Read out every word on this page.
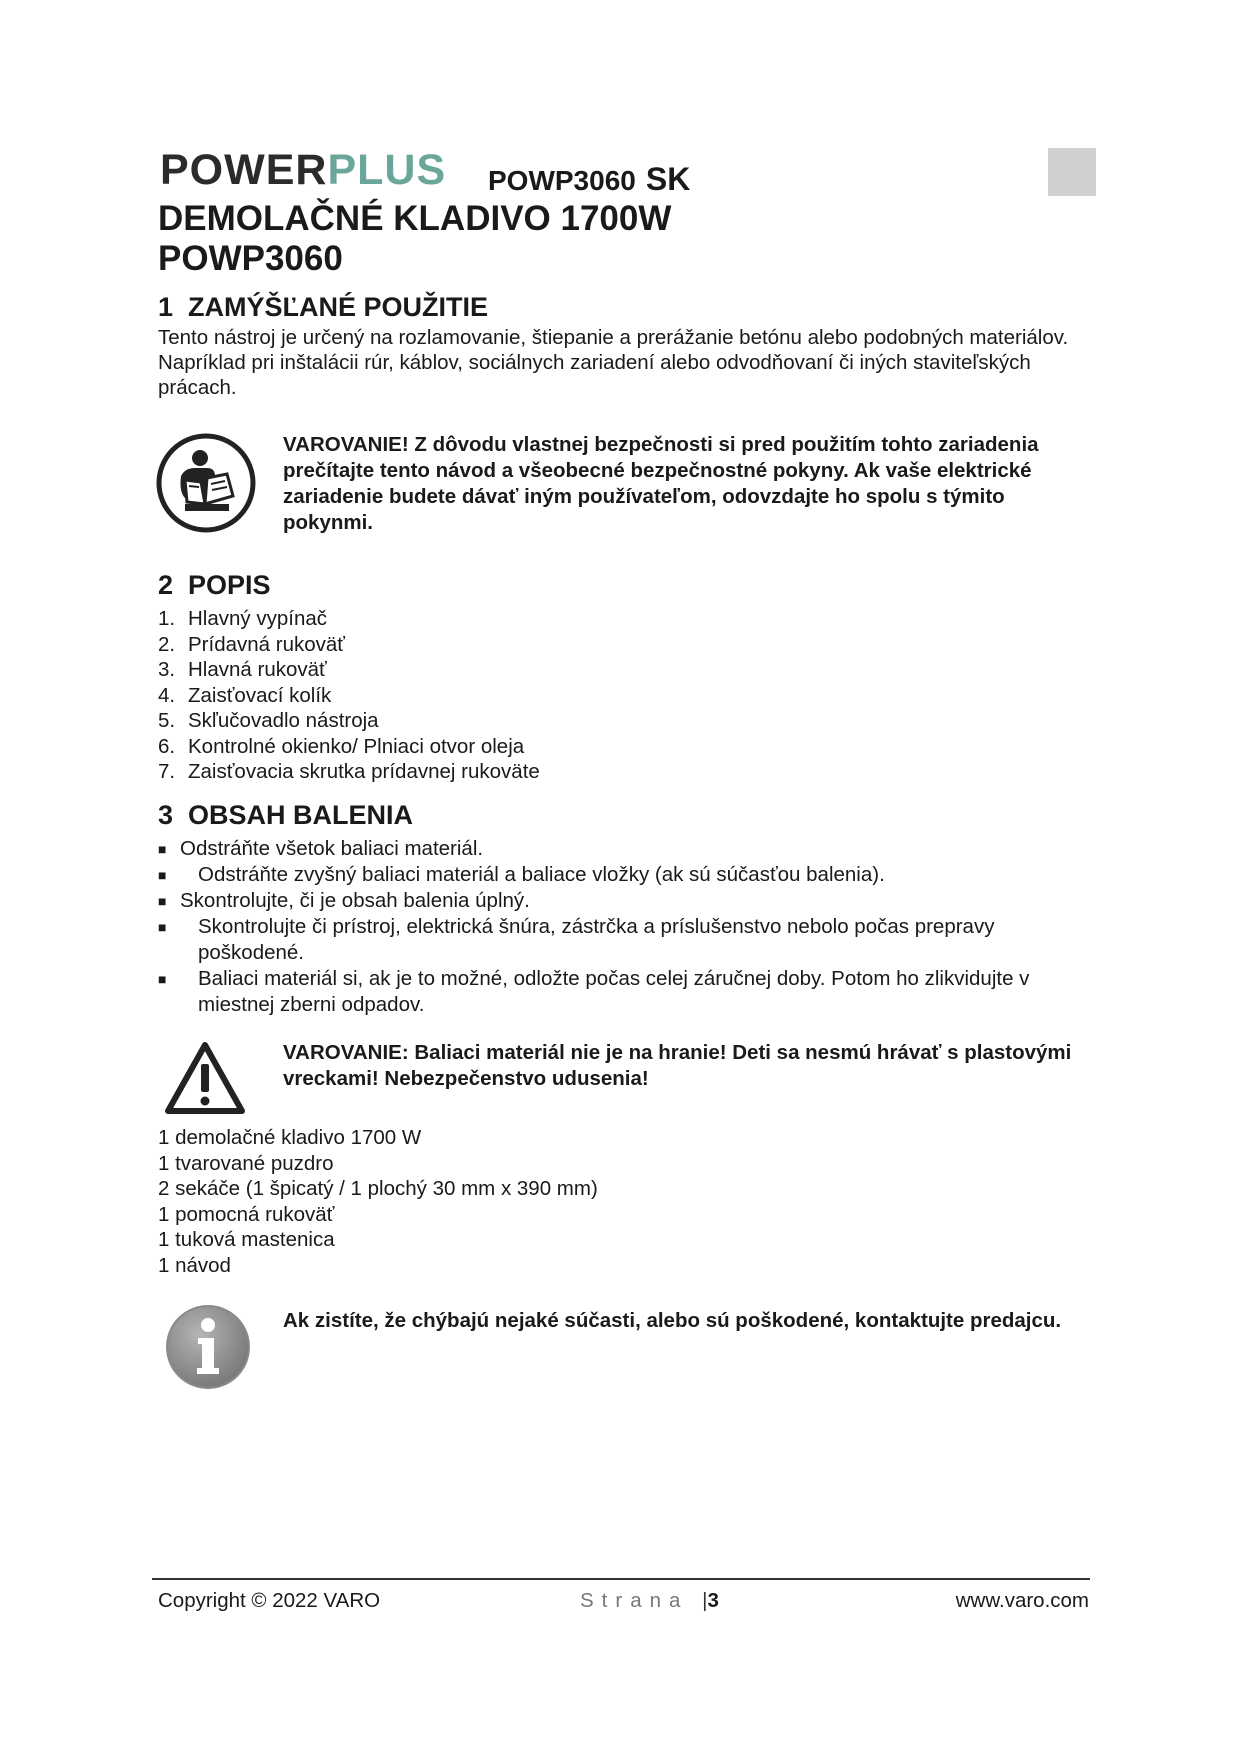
POWERPLUS POWP3060 SK
DEMOLAČNÉ KLADIVO 1700W
POWP3060
1 ZAMÝŠĽANÉ POUŽITIE
Tento nástroj je určený na rozlamovanie, štiepanie a prerážanie betónu alebo podobných materiálov. Napríklad pri inštalácii rúr, káblov, sociálnych zariadení alebo odvodňovaní či iných staviteľských prácach.
VAROVANIE! Z dôvodu vlastnej bezpečnosti si pred použitím tohto zariadenia prečítajte tento návod a všeobecné bezpečnostné pokyny. Ak vaše elektrické zariadenie budete dávať iným používateľom, odovzdajte ho spolu s týmito pokynmi.
2 POPIS
1. Hlavný vypínač
2. Prídavná rukoväť
3. Hlavná rukoväť
4. Zaisťovací kolík
5. Skľučovadlo nástroja
6. Kontrolné okienko/ Plniaci otvor oleja
7. Zaisťovacia skrutka prídavnej rukoväte
3 OBSAH BALENIA
■ Odstráňte všetok baliaci materiál.
■ Odstráňte zvyšný baliaci materiál a baliace vložky (ak sú súčasťou balenia).
■ Skontrolujte, či je obsah balenia úplný.
■ Skontrolujte či prístroj, elektrická šnúra, zástrčka a príslušenstvo nebolo počas prepravy poškodené.
■ Baliaci materiál si, ak je to možné, odložte počas celej záručnej doby. Potom ho zlikvidujte v miestnej zberni odpadov.
VAROVANIE: Baliaci materiál nie je na hranie! Deti sa nesmú hrávať s plastovými vreckami! Nebezpečenstvo udusenia!
1 demolačné kladivo 1700 W
1 tvarované puzdro
2 sekáče (1 špicatý / 1 plochý 30 mm x 390 mm)
1 pomocná rukoväť
1 tuková mastenica
1 návod
Ak zistíte, že chýbajú nejaké súčasti, alebo sú poškodené, kontaktujte predajcu.
Copyright © 2022 VARO	Strana |3	www.varo.com
